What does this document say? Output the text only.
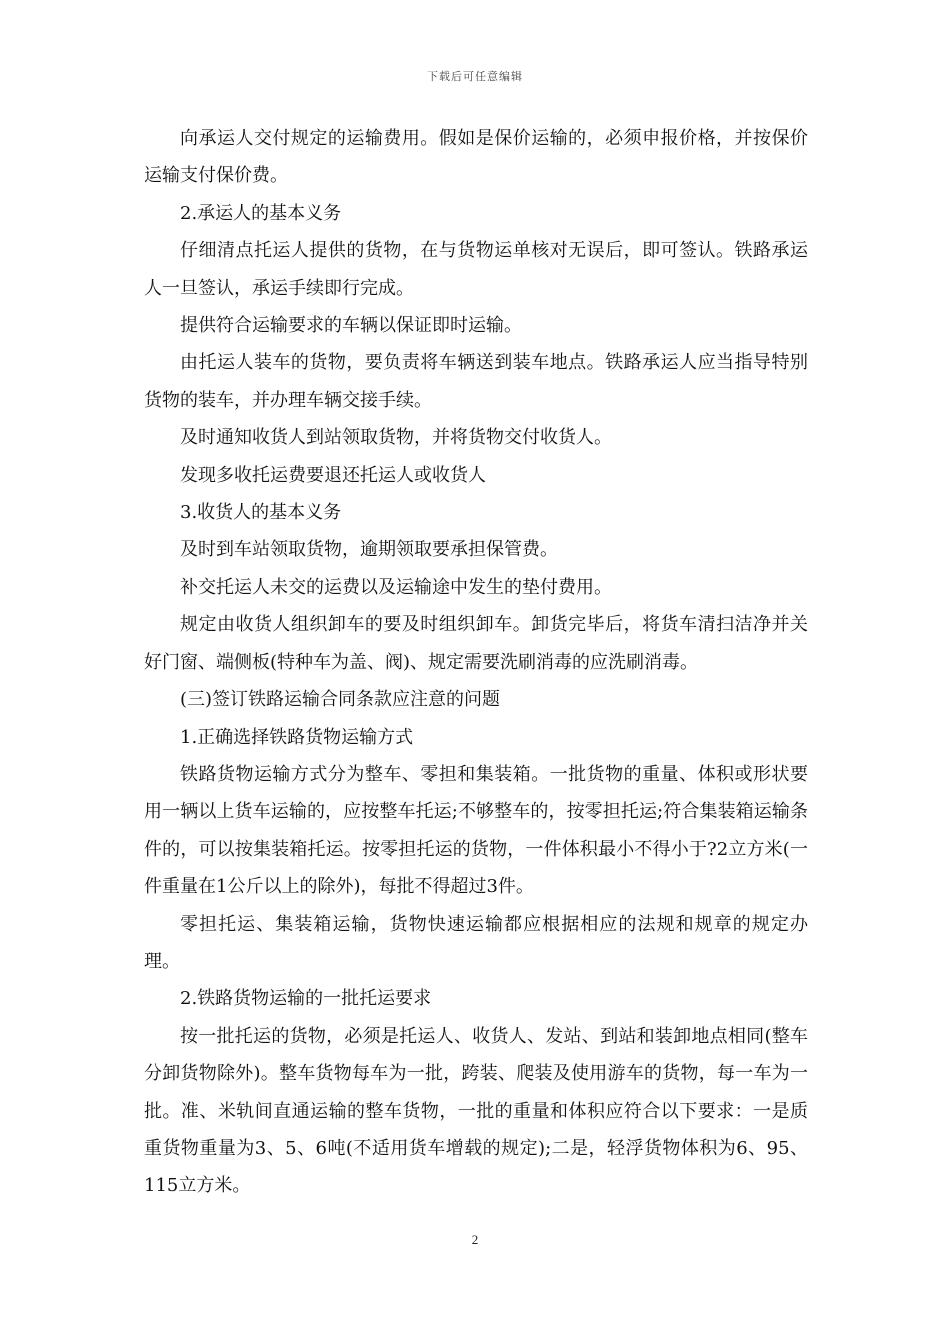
下载后可任意编辑

向承运人交付规定的运输费用。假如是保价运输的，必须申报价格，并按保价运输支付保价费。

2.承运人的基本义务

仔细清点托运人提供的货物，在与货物运单核对无误后，即可签认。铁路承运人一旦签认，承运手续即行完成。

提供符合运输要求的车辆以保证即时运输。

由托运人装车的货物，要负责将车辆送到装车地点。铁路承运人应当指导特别货物的装车，并办理车辆交接手续。

及时通知收货人到站领取货物，并将货物交付收货人。

发现多收托运费要退还托运人或收货人

3.收货人的基本义务

及时到车站领取货物，逾期领取要承担保管费。

补交托运人未交的运费以及运输途中发生的垫付费用。

规定由收货人组织卸车的要及时组织卸车。卸货完毕后，将货车清扫洁净并关好门窗、端侧板(特种车为盖、阀)、规定需要洗刷消毒的应洗刷消毒。

(三)签订铁路运输合同条款应注意的问题

1.正确选择铁路货物运输方式

铁路货物运输方式分为整车、零担和集装箱。一批货物的重量、体积或形状要用一辆以上货车运输的，应按整车托运;不够整车的，按零担托运;符合集装箱运输条件的，可以按集装箱托运。按零担托运的货物，一件体积最小不得小于?2立方米(一件重量在1公斤以上的除外)，每批不得超过3件。

零担托运、集装箱运输，货物快速运输都应根据相应的法规和规章的规定办理。

2.铁路货物运输的一批托运要求

按一批托运的货物，必须是托运人、收货人、发站、到站和装卸地点相同(整车分卸货物除外)。整车货物每车为一批，跨装、爬装及使用游车的货物，每一车为一批。准、米轨间直通运输的整车货物，一批的重量和体积应符合以下要求：一是质重货物重量为3、5、6吨(不适用货车增载的规定);二是，轻浮货物体积为6、95、115立方米。

2
